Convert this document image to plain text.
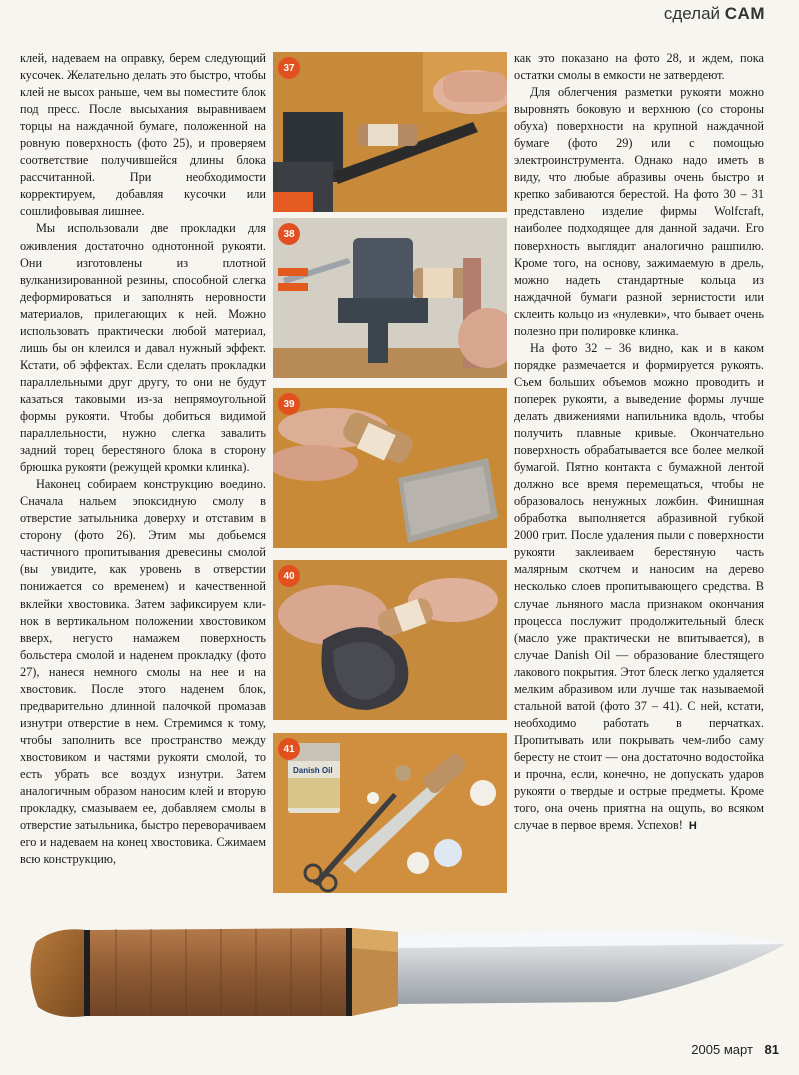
сделай CAM

клей, надеваем на оправку, берем следующий кусочек. Желательно делать это быстро, чтобы клей не высох раньше, чем вы поместите блок под пресс. После высыхания выравниваем торцы на наждачной бумаге, положенной на ровную поверхность (фото 25), и проверяем соответствие получившейся длины блока рассчитанной. При необходимости корректируем, добавляя кусочки или сошлифовывая лишнее.

Мы использовали две прокладки для оживления достаточно однотонной рукояти. Они изготовлены из плотной вулканизированной резины, способной слегка деформироваться и заполнять неровности материалов, прилегающих к ней. Можно использовать практически любой материал, лишь бы он клеился и давал нужный эффект. Кстати, об эффектах. Если сделать прокладки параллельными друг другу, то они не будут казаться таковыми из-за непрямоугольной формы рукояти. Чтобы добиться видимой параллельности, нужно слегка завалить задний торец берестяного блока в сторону брюшка рукояти (режущей кромки клинка).

Наконец собираем конструкцию воедино. Сначала нальем эпоксидную смолу в отверстие затыльника доверху и отставим в сторону (фото 26). Этим мы добьемся частичного пропитывания древесины смолой (вы увидите, как уровень в отверстии понижается со временем) и качественной вклейки хвостовика. Затем зафиксируем клинок в вертикальном положении хвостовиком вверх, негусто намажем поверхность больстера смолой и наденем прокладку (фото 27), нанеся немного смолы на нее и на хвостовик. После этого наденем блок, предварительно длинной палочкой промазав изнутри отверстие в нем. Стремимся к тому, чтобы заполнить все пространство между хвостовиком и частями рукояти смолой, то есть убрать все воздух изнутри. Затем аналогичным образом наносим клей и вторую прокладку, смазываем ее, добавляем смолы в отверстие затыльника, быстро переворачиваем его и надеваем на конец хвостовика. Сжимаем всю конструкцию,

37
38
39
40
Danish Oil
41

как это показано на фото 28, и ждем, пока остатки смолы в емкости не затвердеют.

Для облегчения разметки рукояти можно выровнять боковую и верхнюю (со стороны обуха) поверхности на крупной наждачной бумаге (фото 29) или с помощью электроинструмента. Однако надо иметь в виду, что любые абразивы очень быстро и крепко забиваются берестой. На фото 30 – 31 представлено изделие фирмы Wolfcraft, наиболее подходящее для данной задачи. Его поверхность выглядит аналогично рашпилю. Кроме того, на основу, зажимаемую в дрель, можно надеть стандартные кольца из наждачной бумаги разной зернистости или склеить кольцо из «нулевки», что бывает очень полезно при полировке клинка.

На фото 32 – 36 видно, как и в каком порядке размечается и формируется рукоять. Съем больших объемов можно проводить и поперек рукояти, а выведение формы лучше делать движениями напильника вдоль, чтобы получить плавные кривые. Окончательно поверхность обрабатывается все более мелкой бумагой. Пятно контакта с бумажной лентой должно все время перемещаться, чтобы не образовалось ненужных ложбин. Финишная обработка выполняется абразивной губкой 2000 грит. После удаления пыли с поверхности рукояти заклеиваем берестяную часть малярным скотчем и наносим на дерево несколько слоев пропитывающего средства. В случае льняного масла признаком окончания процесса послужит продолжительный блеск (масло уже практически не впитывается), в случае Danish Oil — образование блестящего лакового покрытия. Этот блеск легко удаляется мелким абразивом или лучше так называемой стальной ватой (фото 37 – 41). С ней, кстати, необходимо работать в перчатках. Пропитывать или покрывать чем-либо саму бересту не стоит — она достаточно водостойка и прочна, если, конечно, не допускать ударов рукояти о твердые и острые предметы. Кроме того, она очень приятна на ощупь, во всяком случае в первое время. Успехов! Н

2005 март 81
